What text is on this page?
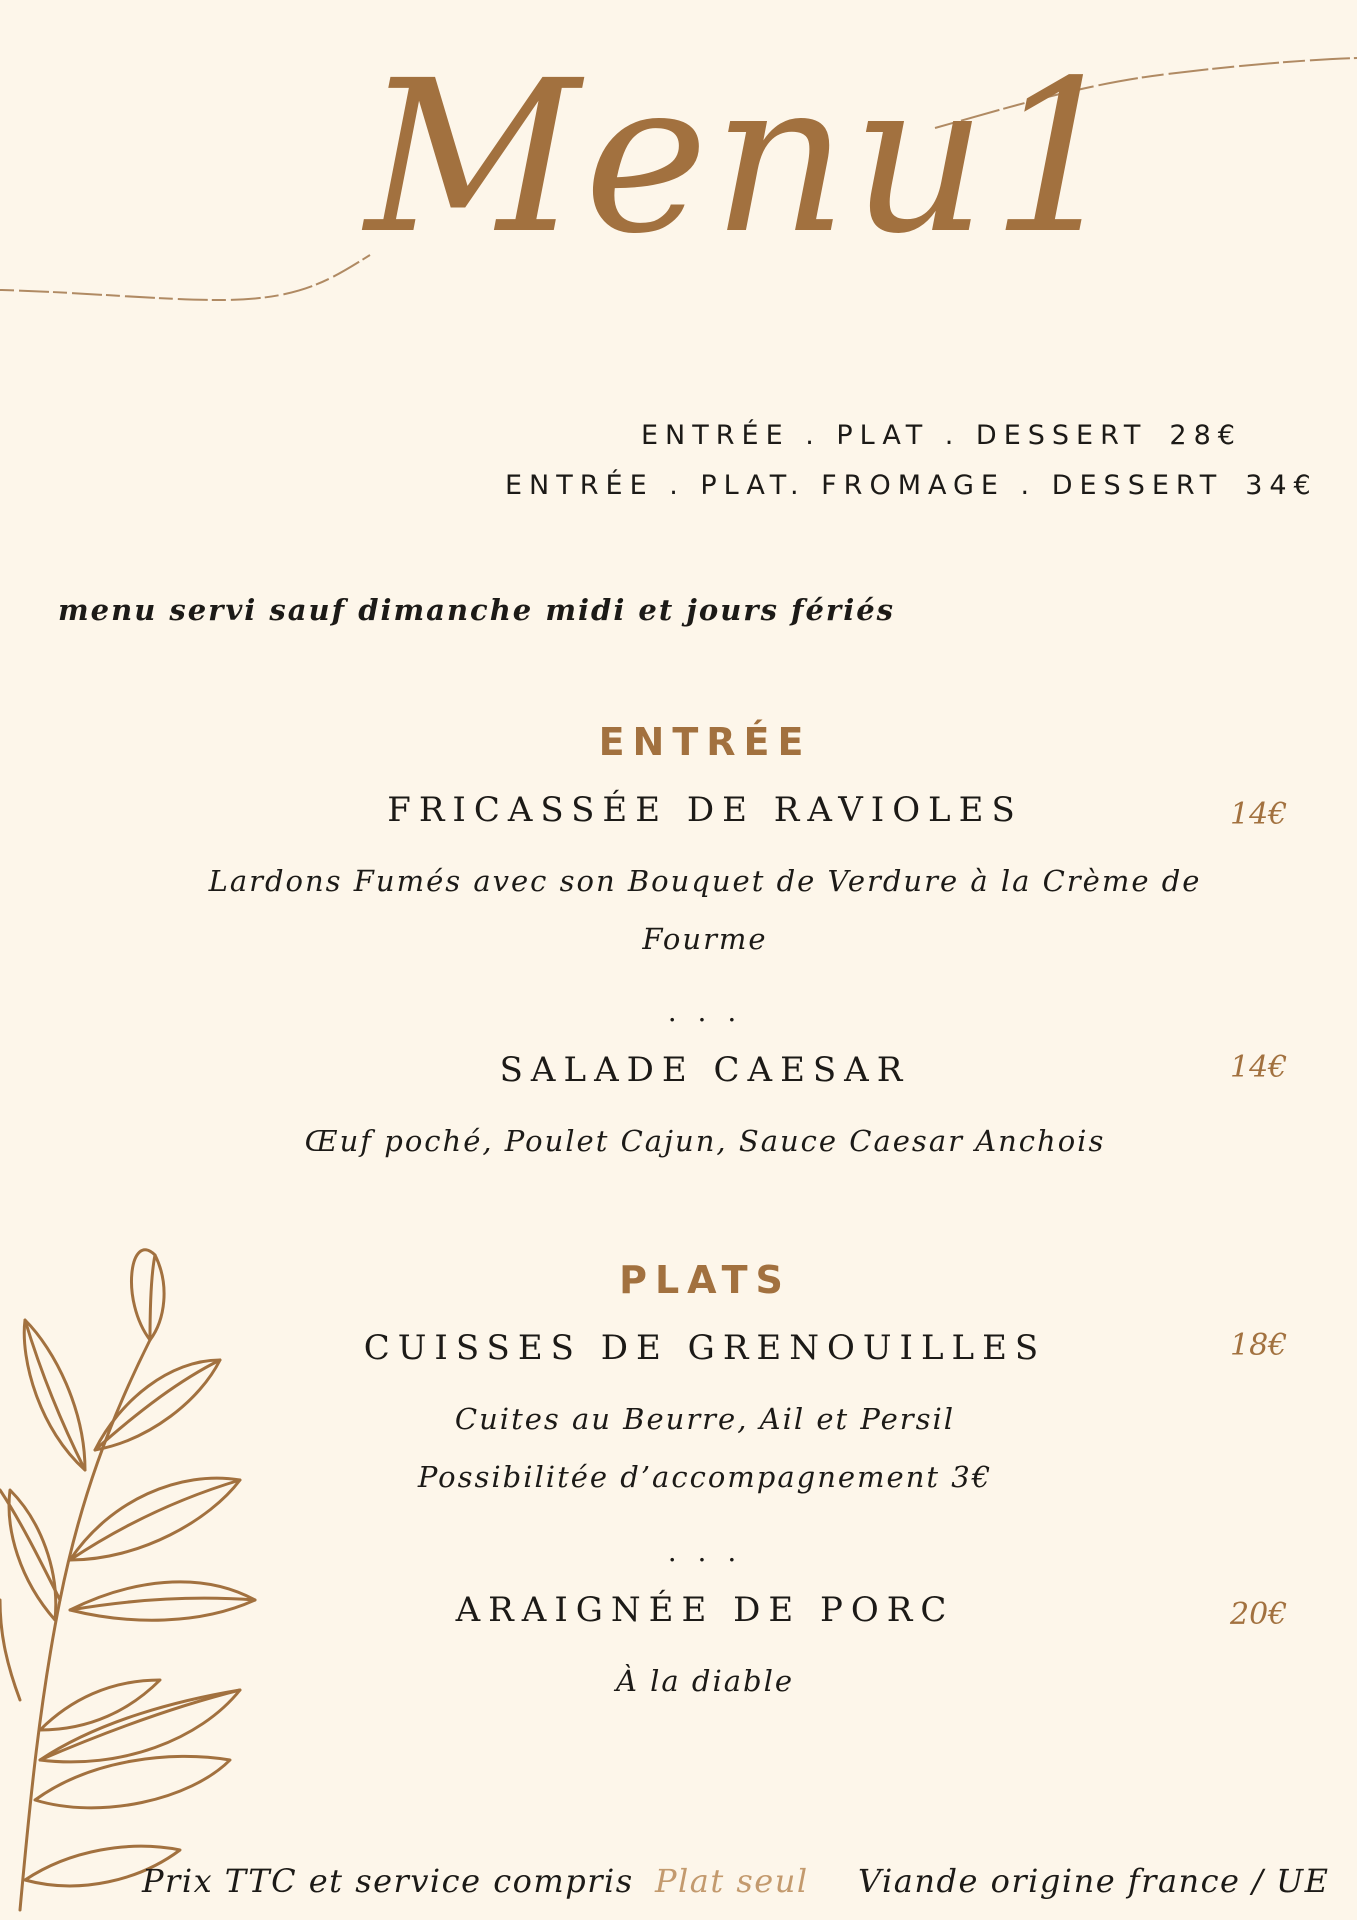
Menu1
ENTRÉE . PLAT . DESSERT 28€
ENTRÉE . PLAT. FROMAGE . DESSERT 34€
menu servi sauf dimanche midi et jours fériés
ENTRÉE
FRICASSÉE DE RAVIOLES	14€
Lardons Fumés avec son Bouquet de Verdure à la Crème de
Fourme
. . .
SALADE CAESAR	14€
Œuf poché, Poulet Cajun, Sauce Caesar Anchois
PLATS
CUISSES DE GRENOUILLES	18€
Cuites au Beurre, Ail et Persil
Possibilitée d’accompagnement 3€
. . .
ARAIGNÉE DE PORC	20€
À la diable
Prix TTC et service compris Plat seul Viande origine france / UE
